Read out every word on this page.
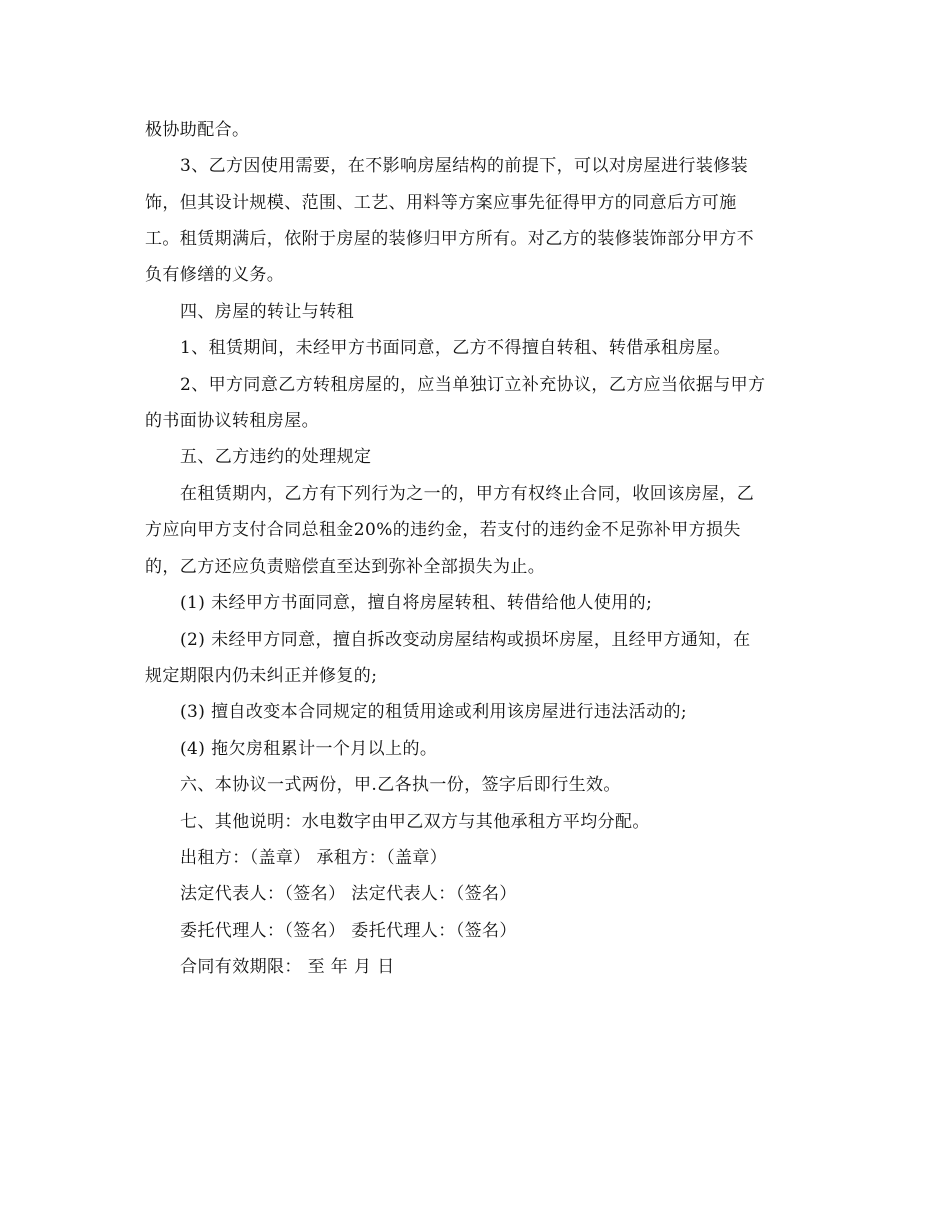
极协助配合。
3、乙方因使用需要，在不影响房屋结构的前提下，可以对房屋进行装修装
饰，但其设计规模、范围、工艺、用料等方案应事先征得甲方的同意后方可施
工。租赁期满后，依附于房屋的装修归甲方所有。对乙方的装修装饰部分甲方不
负有修缮的义务。
四、房屋的转让与转租
1、租赁期间，未经甲方书面同意，乙方不得擅自转租、转借承租房屋。
2、甲方同意乙方转租房屋的，应当单独订立补充协议，乙方应当依据与甲方
的书面协议转租房屋。
五、乙方违约的处理规定
在租赁期内，乙方有下列行为之一的，甲方有权终止合同，收回该房屋，乙
方应向甲方支付合同总租金20%的违约金，若支付的违约金不足弥补甲方损失
的，乙方还应负责赔偿直至达到弥补全部损失为止。
(1) 未经甲方书面同意，擅自将房屋转租、转借给他人使用的;
(2) 未经甲方同意，擅自拆改变动房屋结构或损坏房屋，且经甲方通知，在
规定期限内仍未纠正并修复的;
(3) 擅自改变本合同规定的租赁用途或利用该房屋进行违法活动的;
(4) 拖欠房租累计一个月以上的。
六、本协议一式两份，甲.乙各执一份，签字后即行生效。
七、其他说明：水电数字由甲乙双方与其他承租方平均分配。
出租方：（盖章） 承租方：（盖章）
法定代表人：（签名） 法定代表人：（签名）
委托代理人：（签名） 委托代理人：（签名）
合同有效期限： 至 年 月 日
